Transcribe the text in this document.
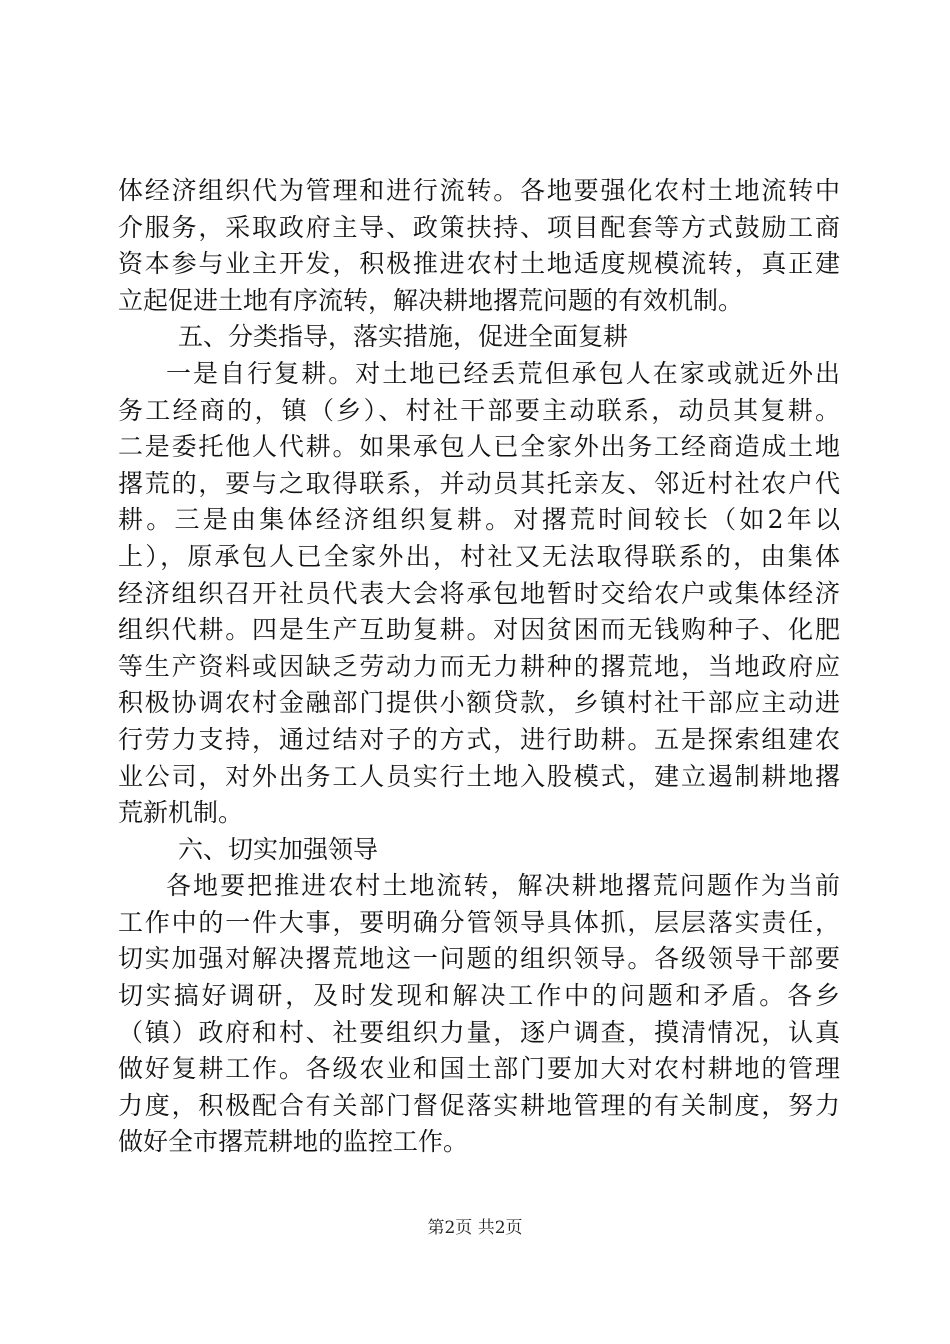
体经济组织代为管理和进行流转。各地要强化农村土地流转中
介服务，采取政府主导、政策扶持、项目配套等方式鼓励工商
资本参与业主开发，积极推进农村土地适度规模流转，真正建
立起促进土地有序流转，解决耕地撂荒问题的有效机制。
五、分类指导，落实措施，促进全面复耕
一是自行复耕。对土地已经丢荒但承包人在家或就近外出
务工经商的，镇（乡）、村社干部要主动联系，动员其复耕。
二是委托他人代耕。如果承包人已全家外出务工经商造成土地
撂荒的，要与之取得联系，并动员其托亲友、邻近村社农户代
耕。三是由集体经济组织复耕。对撂荒时间较长（如2年以
上），原承包人已全家外出，村社又无法取得联系的，由集体
经济组织召开社员代表大会将承包地暂时交给农户或集体经济
组织代耕。四是生产互助复耕。对因贫困而无钱购种子、化肥
等生产资料或因缺乏劳动力而无力耕种的撂荒地，当地政府应
积极协调农村金融部门提供小额贷款，乡镇村社干部应主动进
行劳力支持，通过结对子的方式，进行助耕。五是探索组建农
业公司，对外出务工人员实行土地入股模式，建立遏制耕地撂
荒新机制。
六、切实加强领导
各地要把推进农村土地流转，解决耕地撂荒问题作为当前
工作中的一件大事，要明确分管领导具体抓，层层落实责任，
切实加强对解决撂荒地这一问题的组织领导。各级领导干部要
切实搞好调研，及时发现和解决工作中的问题和矛盾。各乡
（镇）政府和村、社要组织力量，逐户调查，摸清情况，认真
做好复耕工作。各级农业和国土部门要加大对农村耕地的管理
力度，积极配合有关部门督促落实耕地管理的有关制度，努力
做好全市撂荒耕地的监控工作。
第2页 共2页
